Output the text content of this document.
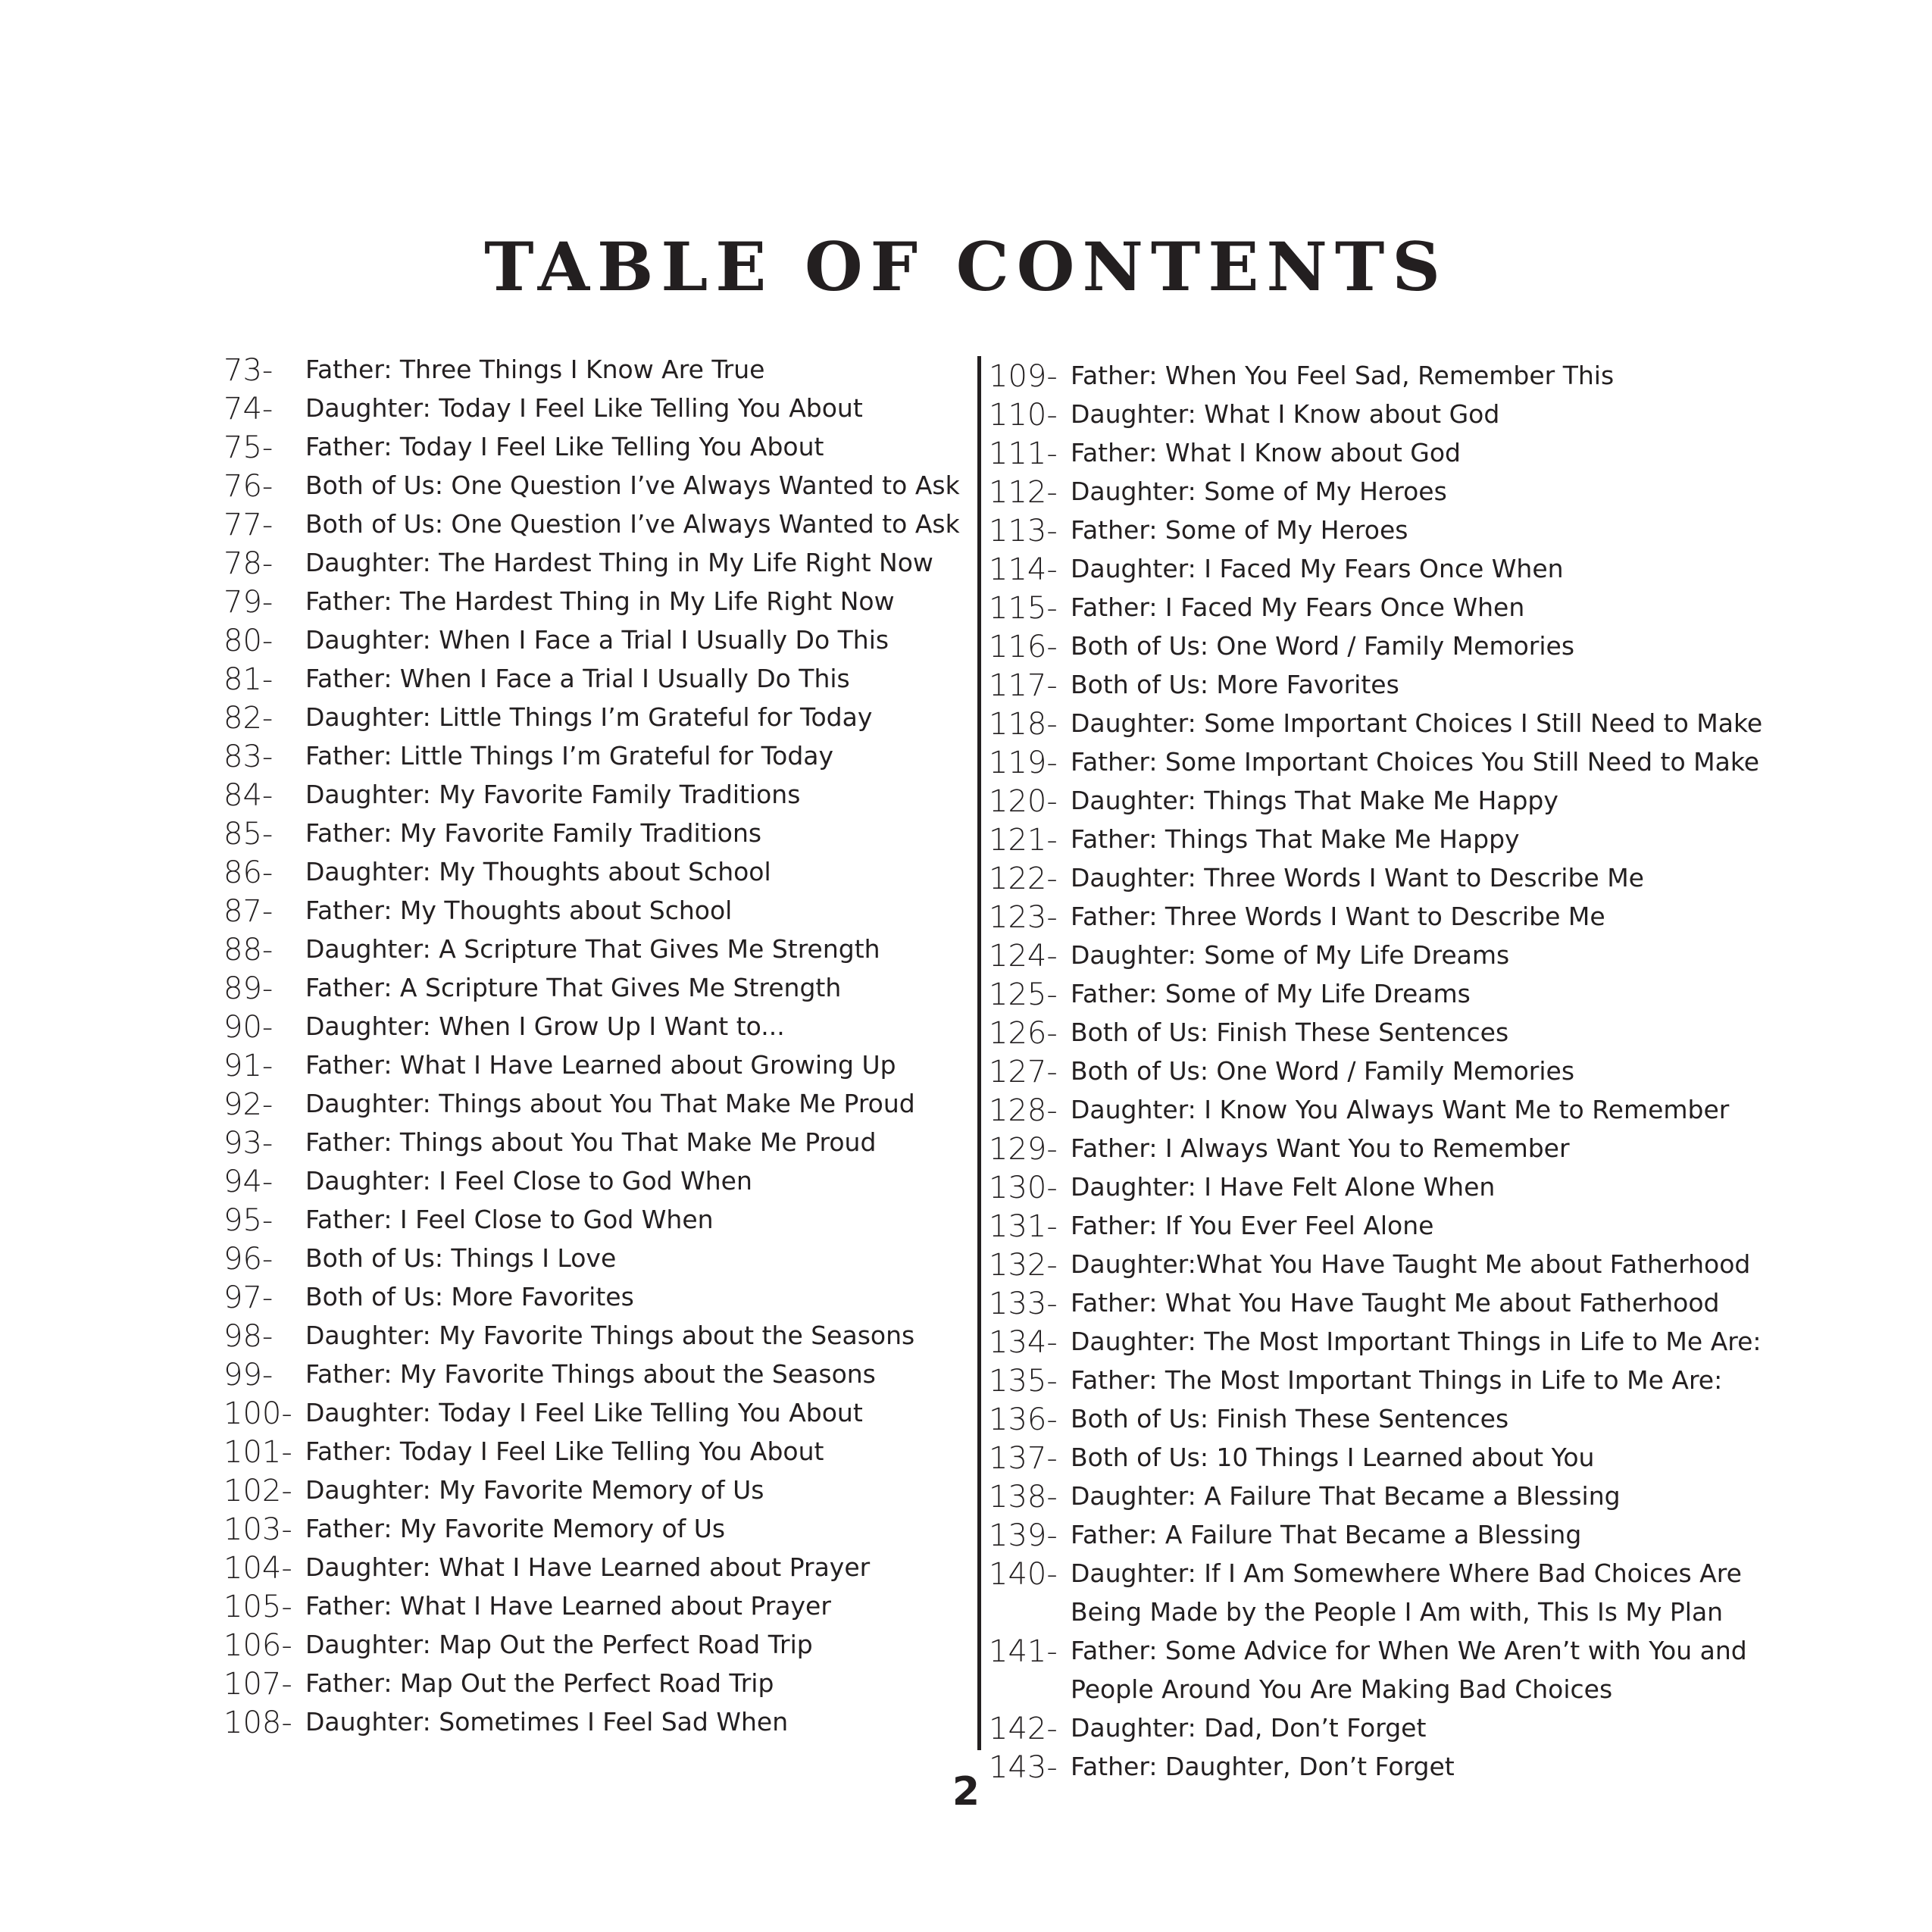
TABLE OF CONTENTS
73- Father: Three Things I Know Are True
74- Daughter: Today I Feel Like Telling You About
75- Father: Today I Feel Like Telling You About
76- Both of Us: One Question I’ve Always Wanted to Ask
77- Both of Us: One Question I’ve Always Wanted to Ask
78- Daughter: The Hardest Thing in My Life Right Now
79- Father: The Hardest Thing in My Life Right Now
80- Daughter: When I Face a Trial I Usually Do This
81- Father: When I Face a Trial I Usually Do This
82- Daughter: Little Things I’m Grateful for Today
83- Father: Little Things I’m Grateful for Today
84- Daughter: My Favorite Family Traditions
85- Father: My Favorite Family Traditions
86- Daughter: My Thoughts about School
87- Father: My Thoughts about School
88- Daughter: A Scripture That Gives Me Strength
89- Father: A Scripture That Gives Me Strength
90- Daughter: When I Grow Up I Want to...
91- Father: What I Have Learned about Growing Up
92- Daughter: Things about You That Make Me Proud
93- Father: Things about You That Make Me Proud
94- Daughter: I Feel Close to God When
95- Father: I Feel Close to God When
96- Both of Us: Things I Love
97- Both of Us: More Favorites
98- Daughter: My Favorite Things about the Seasons
99- Father: My Favorite Things about the Seasons
100- Daughter: Today I Feel Like Telling You About
101- Father: Today I Feel Like Telling You About
102- Daughter: My Favorite Memory of Us
103- Father: My Favorite Memory of Us
104- Daughter: What I Have Learned about Prayer
105- Father: What I Have Learned about Prayer
106- Daughter: Map Out the Perfect Road Trip
107- Father: Map Out the Perfect Road Trip
108- Daughter: Sometimes I Feel Sad When
109- Father: When You Feel Sad, Remember This
110- Daughter: What I Know about God
111- Father: What I Know about God
112- Daughter: Some of My Heroes
113- Father: Some of My Heroes
114- Daughter: I Faced My Fears Once When
115- Father: I Faced My Fears Once When
116- Both of Us: One Word / Family Memories
117- Both of Us: More Favorites
118- Daughter: Some Important Choices I Still Need to Make
119- Father: Some Important Choices You Still Need to Make
120- Daughter: Things That Make Me Happy
121- Father: Things That Make Me Happy
122- Daughter: Three Words I Want to Describe Me
123- Father: Three Words I Want to Describe Me
124- Daughter: Some of My Life Dreams
125- Father: Some of My Life Dreams
126- Both of Us: Finish These Sentences
127- Both of Us: One Word / Family Memories
128- Daughter: I Know You Always Want Me to Remember
129- Father: I Always Want You to Remember
130- Daughter: I Have Felt Alone When
131- Father: If You Ever Feel Alone
132- Daughter:What You Have Taught Me about Fatherhood
133- Father: What You Have Taught Me about Fatherhood
134- Daughter: The Most Important Things in Life to Me Are:
135- Father: The Most Important Things in Life to Me Are:
136- Both of Us: Finish These Sentences
137- Both of Us: 10 Things I Learned about You
138- Daughter: A Failure That Became a Blessing
139- Father: A Failure That Became a Blessing
140- Daughter: If I Am Somewhere Where Bad Choices Are
Being Made by the People I Am with, This Is My Plan
141- Father: Some Advice for When We Aren’t with You and
People Around You Are Making Bad Choices
142- Daughter: Dad, Don’t Forget
143- Father: Daughter, Don’t Forget
2
